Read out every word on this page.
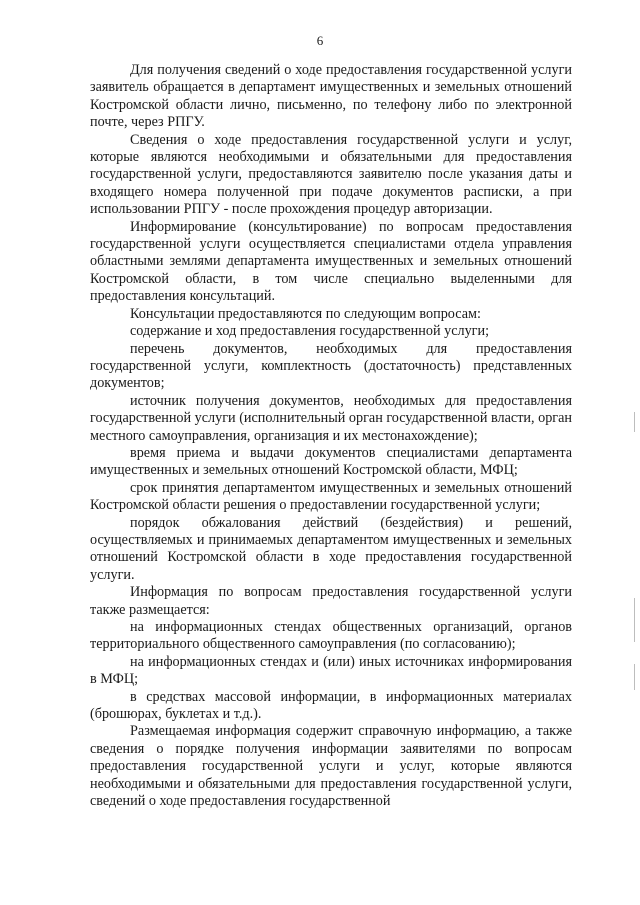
6

Для получения сведений о ходе предоставления государственной услуги заявитель обращается в департамент имущественных и земельных отношений Костромской области лично, письменно, по телефону либо по электронной почте, через РПГУ.

Сведения о ходе предоставления государственной услуги и услуг, которые являются необходимыми и обязательными для предоставления государственной услуги, предоставляются заявителю после указания даты и входящего номера полученной при подаче документов расписки, а при использовании РПГУ - после прохождения процедур авторизации.

Информирование (консультирование) по вопросам предоставления государственной услуги осуществляется специалистами отдела управления областными землями департамента имущественных и земельных отношений Костромской области, в том числе специально выделенными для предоставления консультаций.

Консультации предоставляются по следующим вопросам:

содержание и ход предоставления государственной услуги;

перечень документов, необходимых для предоставления государственной услуги, комплектность (достаточность) представленных документов;

источник получения документов, необходимых для предоставления государственной услуги (исполнительный орган государственной власти, орган местного самоуправления, организация и их местонахождение);

время приема и выдачи документов специалистами департамента имущественных и земельных отношений Костромской области, МФЦ;

срок принятия департаментом имущественных и земельных отношений Костромской области решения о предоставлении государственной услуги;

порядок обжалования действий (бездействия) и решений, осуществляемых и принимаемых департаментом имущественных и земельных отношений Костромской области в ходе предоставления государственной услуги.

Информация по вопросам предоставления государственной услуги также размещается:

на информационных стендах общественных организаций, органов территориального общественного самоуправления (по согласованию);

на информационных стендах и (или) иных источниках информирования в МФЦ;

в средствах массовой информации, в информационных материалах (брошюрах, буклетах и т.д.).

Размещаемая информация содержит справочную информацию, а также сведения о порядке получения информации заявителями по вопросам предоставления государственной услуги и услуг, которые являются необходимыми и обязательными для предоставления государственной услуги, сведений о ходе предоставления государственной
